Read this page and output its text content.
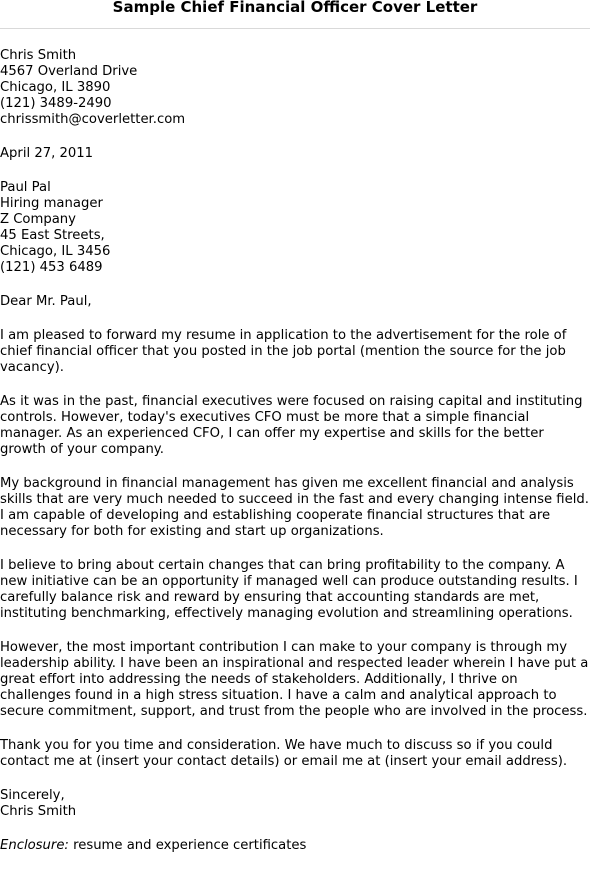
Sample Chief Financial Officer Cover Letter
Chris Smith
4567 Overland Drive
Chicago, IL 3890
(121) 3489-2490
chrissmith@coverletter.com
April 27, 2011
Paul Pal
Hiring manager
Z Company
45 East Streets,
Chicago, IL 3456
(121) 453 6489
Dear Mr. Paul,

I am pleased to forward my resume in application to the advertisement for the role of chief financial officer that you posted in the job portal (mention the source for the job vacancy).

As it was in the past, financial executives were focused on raising capital and instituting controls. However, today's executives CFO must be more that a simple financial manager. As an experienced CFO, I can offer my expertise and skills for the better growth of your company.

My background in financial management has given me excellent financial and analysis skills that are very much needed to succeed in the fast and every changing intense field. I am capable of developing and establishing cooperate financial structures that are necessary for both for existing and start up organizations.

I believe to bring about certain changes that can bring profitability to the company. A new initiative can be an opportunity if managed well can produce outstanding results. I carefully balance risk and reward by ensuring that accounting standards are met, instituting benchmarking, effectively managing evolution and streamlining operations.

However, the most important contribution I can make to your company is through my leadership ability. I have been an inspirational and respected leader wherein I have put a great effort into addressing the needs of stakeholders. Additionally, I thrive on challenges found in a high stress situation. I have a calm and analytical approach to secure commitment, support, and trust from the people who are involved in the process.

Thank you for you time and consideration. We have much to discuss so if you could contact me at (insert your contact details) or email me at (insert your email address).

Sincerely,
Chris Smith
Enclosure: resume and experience certificates
